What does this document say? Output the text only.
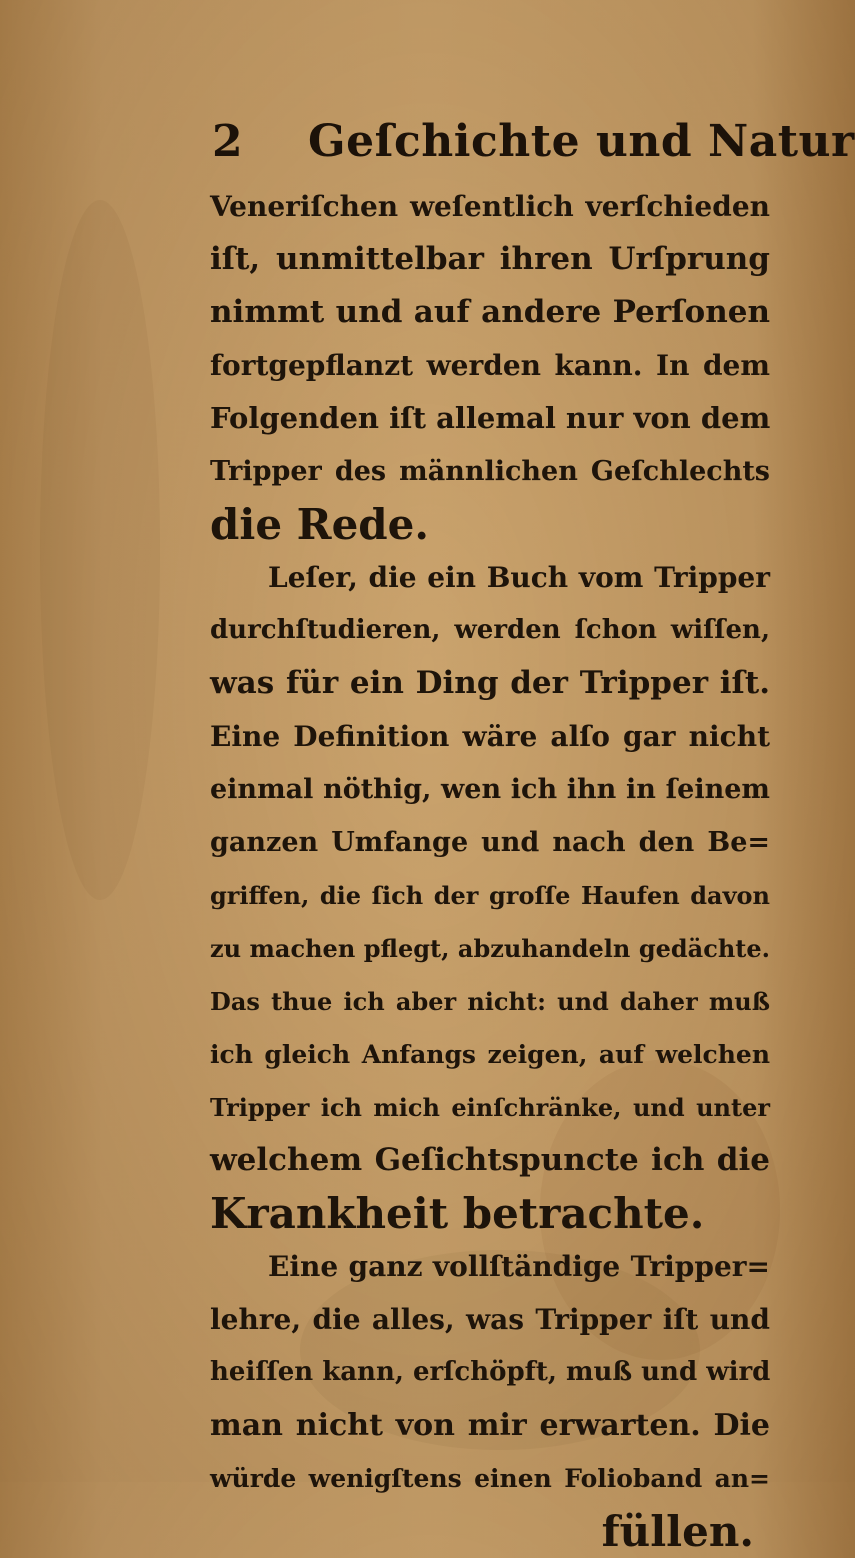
2 Geſchichte und Natur
Veneriſchen weſentlich verſchieden
iſt, unmittelbar ihren Urſprung
nimmt und auf andere Perſonen
fortgepflanzt werden kann. In dem
Folgenden iſt allemal nur von dem
Tripper des männlichen Geſchlechts
die Rede.
Leſer, die ein Buch vom Tripper
durchſtudieren, werden ſchon wiſſen,
was für ein Ding der Tripper iſt.
Eine Definition wäre alſo gar nicht
einmal nöthig, wen ich ihn in ſeinem
ganzen Umfange und nach den Be=
griffen, die ſich der groſſe Haufen davon
zu machen pflegt, abzuhandeln gedächte.
Das thue ich aber nicht: und daher muß
ich gleich Anfangs zeigen, auf welchen
Tripper ich mich einſchränke, und unter
welchem Geſichtspuncte ich die
Krankheit betrachte.
Eine ganz vollſtändige Tripper=
lehre, die alles, was Tripper iſt und
heiſſen kann, erſchöpft, muß und wird
man nicht von mir erwarten. Die
würde wenigſtens einen Folioband an=
füllen.
